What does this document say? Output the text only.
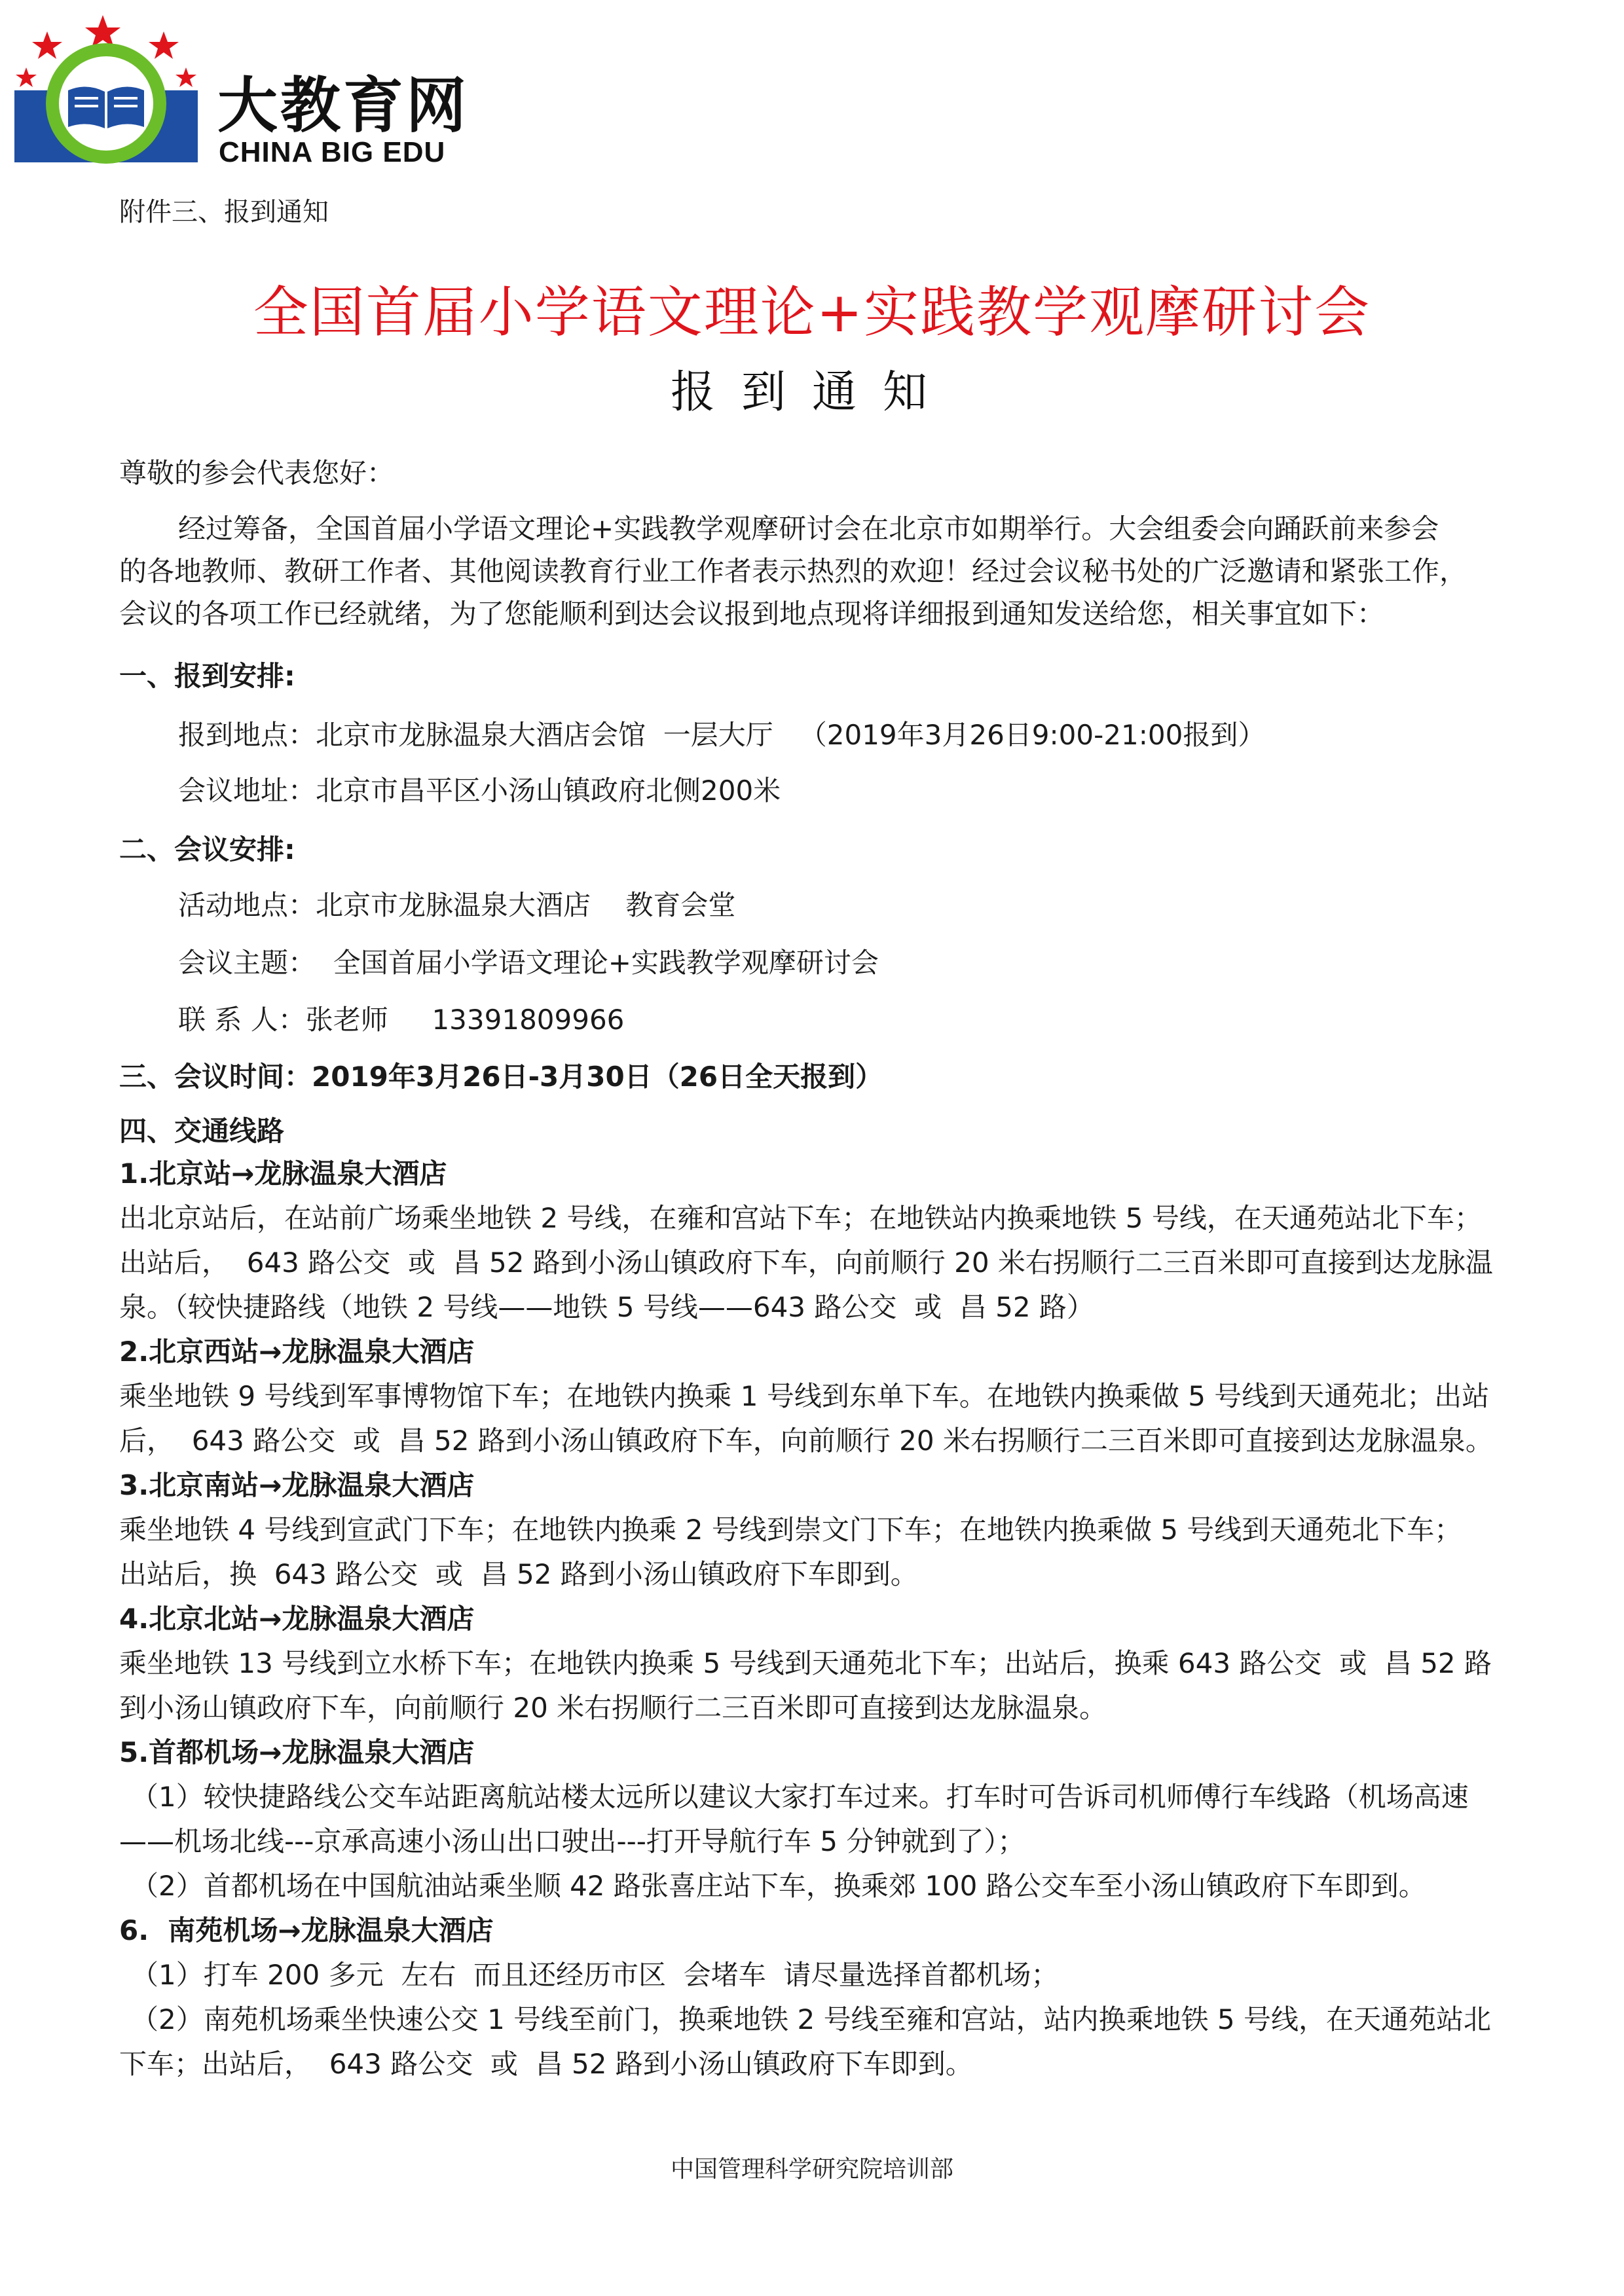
大教育网
CHINA BIG EDU
附件三、报到通知
全国首届小学语文理论+实践教学观摩研讨会
报到通知
尊敬的参会代表您好：
经过筹备，全国首届小学语文理论+实践教学观摩研讨会在北京市如期举行。大会组委会向踊跃前来参会
的各地教师、教研工作者、其他阅读教育行业工作者表示热烈的欢迎！经过会议秘书处的广泛邀请和紧张工作，
会议的各项工作已经就绪，为了您能顺利到达会议报到地点现将详细报到通知发送给您，相关事宜如下：
一、报到安排:
报到地点：北京市龙脉温泉大酒店会馆  一层大厅   （2019年3月26日9:00-21:00报到）
会议地址：北京市昌平区小汤山镇政府北侧200米
二、会议安排:
活动地点：北京市龙脉温泉大酒店    教育会堂
会议主题：  全国首届小学语文理论+实践教学观摩研讨会
联 系 人：张老师     13391809966
三、会议时间：2019年3月26日-3月30日（26日全天报到）
四、交通线路
1.北京站→龙脉温泉大酒店
出北京站后，在站前广场乘坐地铁 2 号线，在雍和宫站下车；在地铁站内换乘地铁 5 号线，在天通苑站北下车；
出站后，  643 路公交  或  昌 52 路到小汤山镇政府下车，向前顺行 20 米右拐顺行二三百米即可直接到达龙脉温
泉。（较快捷路线（地铁 2 号线——地铁 5 号线——643 路公交  或  昌 52 路）
2.北京西站→龙脉温泉大酒店
乘坐地铁 9 号线到军事博物馆下车；在地铁内换乘 1 号线到东单下车。在地铁内换乘做 5 号线到天通苑北；出站
后，  643 路公交  或  昌 52 路到小汤山镇政府下车，向前顺行 20 米右拐顺行二三百米即可直接到达龙脉温泉。
3.北京南站→龙脉温泉大酒店
乘坐地铁 4 号线到宣武门下车；在地铁内换乘 2 号线到崇文门下车；在地铁内换乘做 5 号线到天通苑北下车；
出站后，换  643 路公交  或  昌 52 路到小汤山镇政府下车即到。
4.北京北站→龙脉温泉大酒店
乘坐地铁 13 号线到立水桥下车；在地铁内换乘 5 号线到天通苑北下车；出站后，换乘 643 路公交  或  昌 52 路
到小汤山镇政府下车，向前顺行 20 米右拐顺行二三百米即可直接到达龙脉温泉。
5.首都机场→龙脉温泉大酒店
（1）较快捷路线公交车站距离航站楼太远所以建议大家打车过来。打车时可告诉司机师傅行车线路（机场高速
——机场北线---京承高速小汤山出口驶出---打开导航行车 5 分钟就到了）；
（2）首都机场在中国航油站乘坐顺 42 路张喜庄站下车，换乘郊 100 路公交车至小汤山镇政府下车即到。
6.  南苑机场→龙脉温泉大酒店
（1）打车 200 多元  左右  而且还经历市区  会堵车  请尽量选择首都机场；
（2）南苑机场乘坐快速公交 1 号线至前门，换乘地铁 2 号线至雍和宫站，站内换乘地铁 5 号线，在天通苑站北
下车；出站后，  643 路公交  或  昌 52 路到小汤山镇政府下车即到。
中国管理科学研究院培训部
